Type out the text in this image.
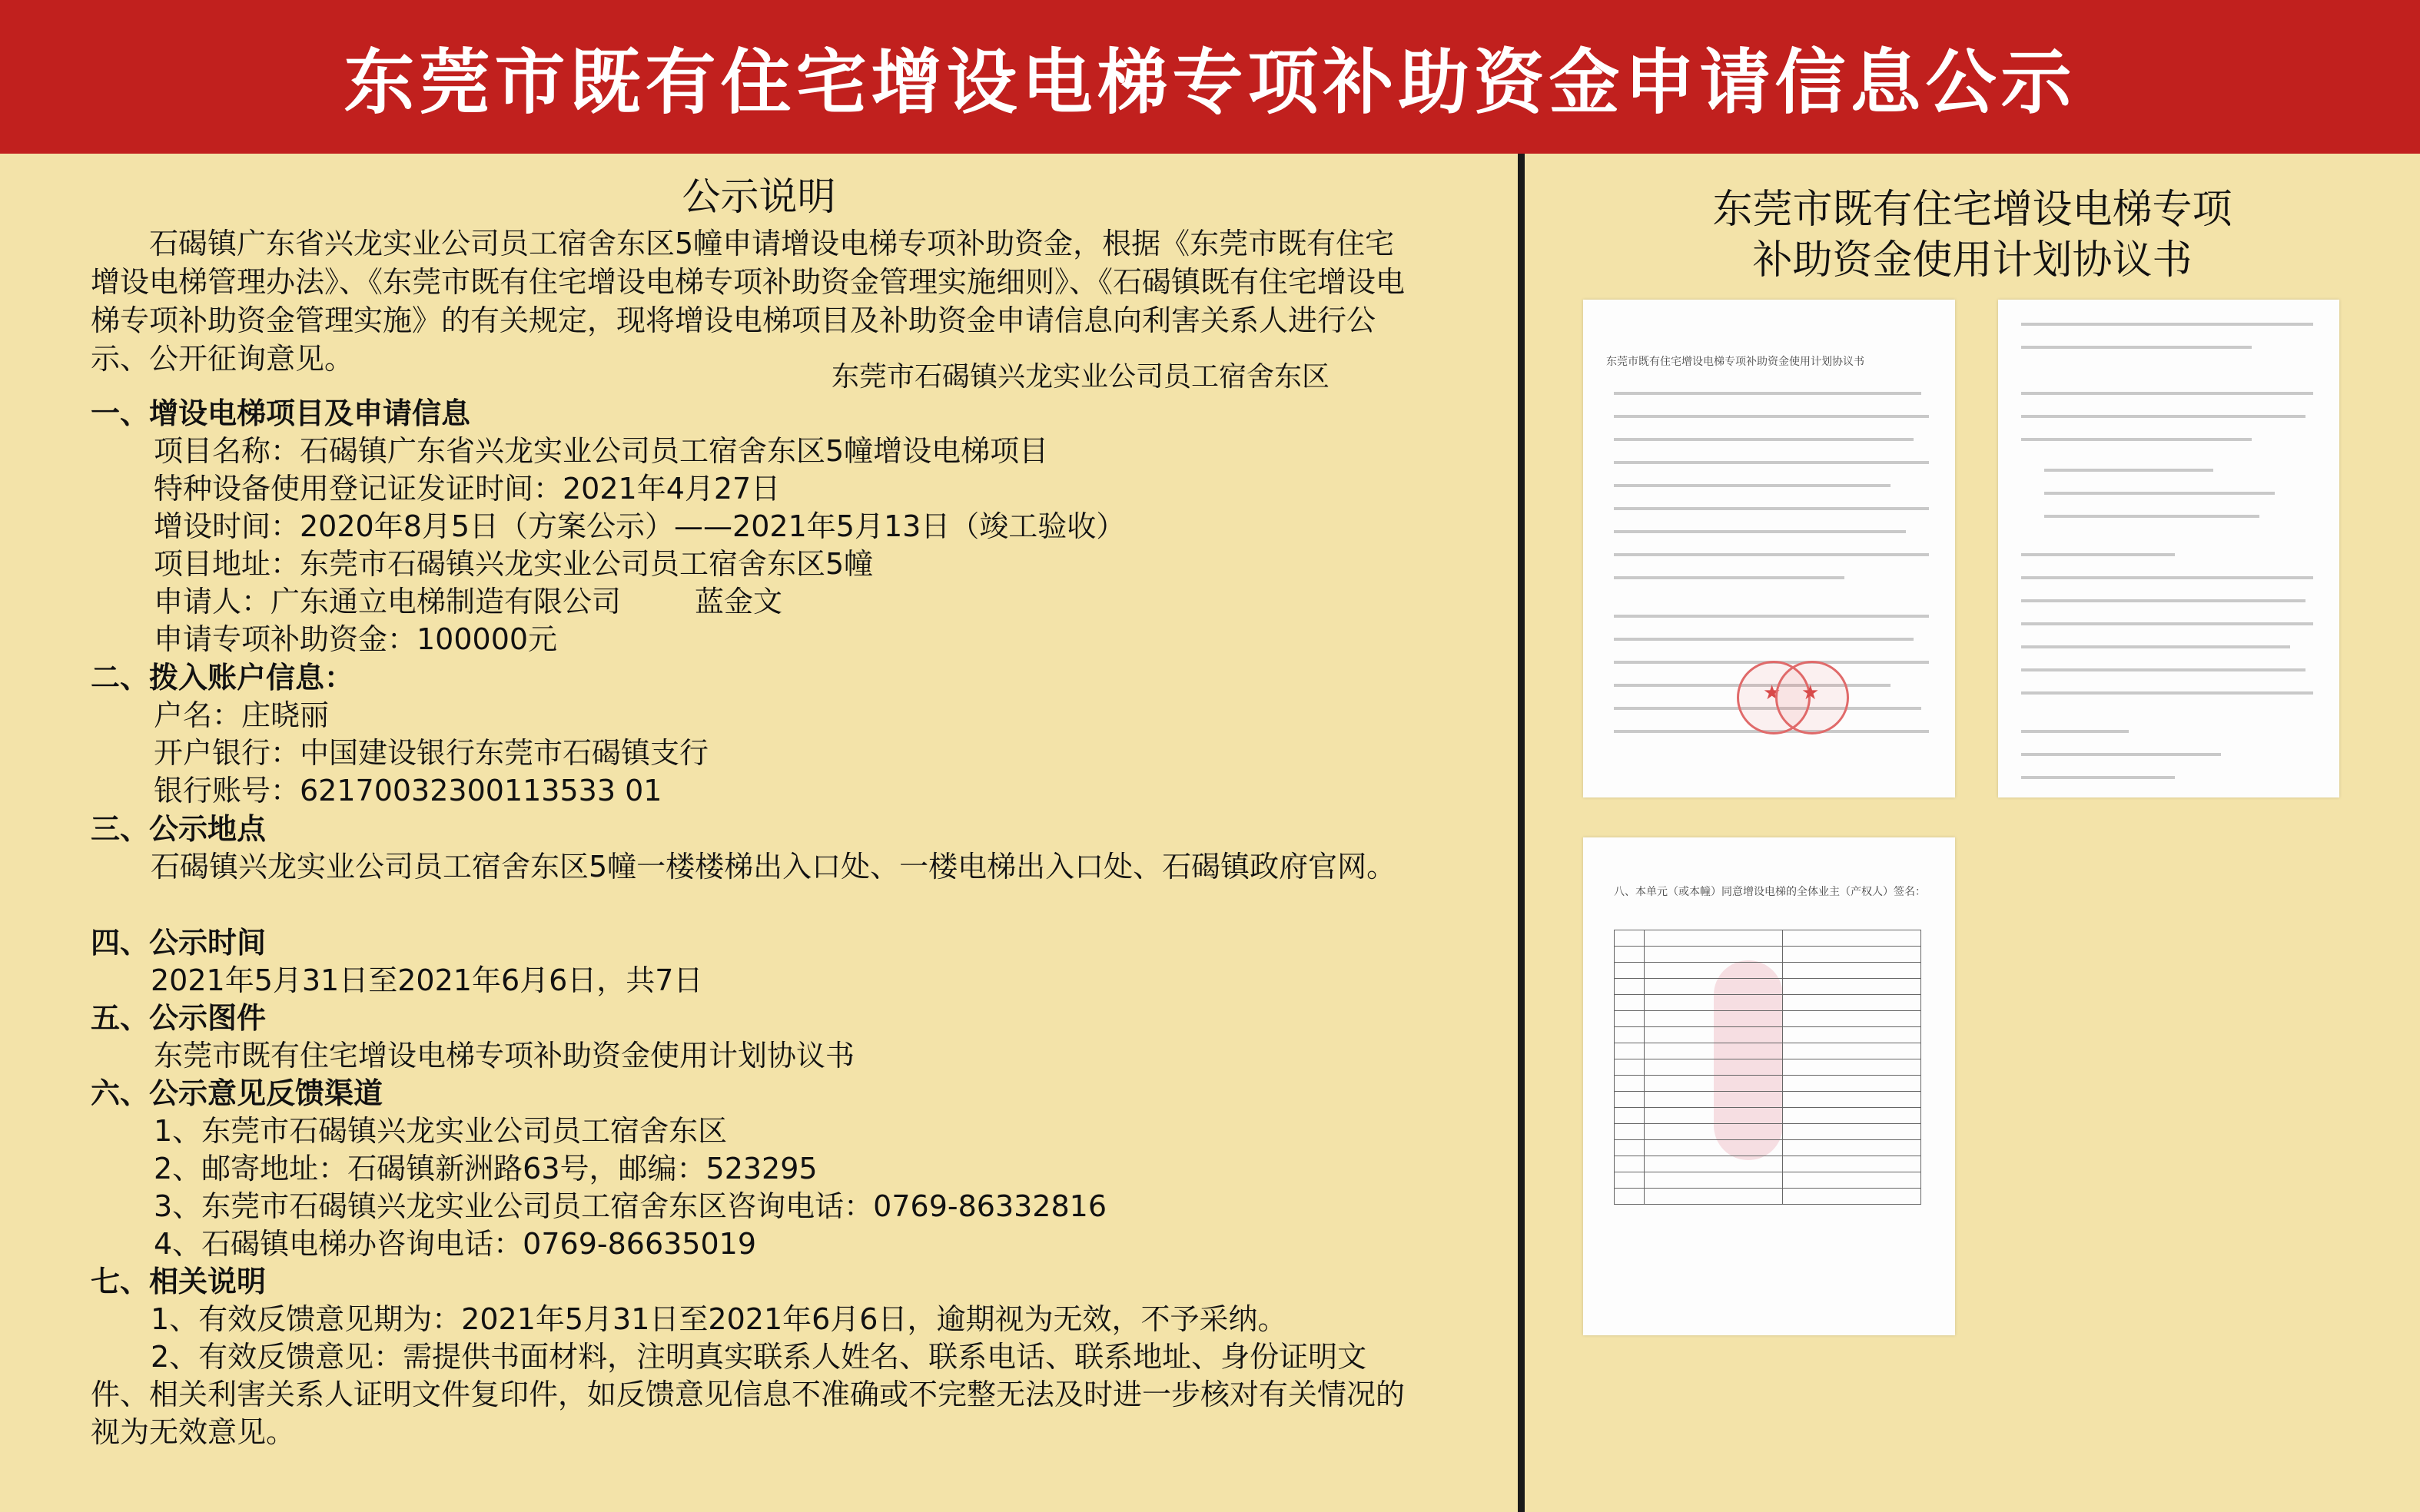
东莞市既有住宅增设电梯专项补助资金申请信息公示
公示说明
石碣镇广东省兴龙实业公司员工宿舍东区5幢申请增设电梯专项补助资金，根据《东莞市既有住宅增设电梯管理办法》、《东莞市既有住宅增设电梯专项补助资金管理实施细则》、《石碣镇既有住宅增设电梯专项补助资金管理实施》的有关规定，现将增设电梯项目及补助资金申请信息向利害关系人进行公示、公开征询意见。
东莞市石碣镇兴龙实业公司员工宿舍东区
一、增设电梯项目及申请信息
项目名称：石碣镇广东省兴龙实业公司员工宿舍东区5幢增设电梯项目
特种设备使用登记证发证时间：2021年4月27日
增设时间：2020年8月5日（方案公示）——2021年5月13日（竣工验收）
项目地址：东莞市石碣镇兴龙实业公司员工宿舍东区5幢
申请人：广东通立电梯制造有限公司	蓝金文
申请专项补助资金：100000元
二、拨入账户信息：
户名：庄晓丽
开户银行：中国建设银行东莞市石碣镇支行
银行账号：62170032300113533 01
三、公示地点
石碣镇兴龙实业公司员工宿舍东区5幢一楼楼梯出入口处、一楼电梯出入口处、石碣镇政府官网。
四、公示时间
2021年5月31日至2021年6月6日，共7日
五、公示图件
东莞市既有住宅增设电梯专项补助资金使用计划协议书
六、公示意见反馈渠道
1、东莞市石碣镇兴龙实业公司员工宿舍东区
2、邮寄地址：石碣镇新洲路63号，邮编：523295
3、东莞市石碣镇兴龙实业公司员工宿舍东区咨询电话：0769-86332816
4、石碣镇电梯办咨询电话：0769-86635019
七、相关说明
1、有效反馈意见期为：2021年5月31日至2021年6月6日，逾期视为无效，不予采纳。
2、有效反馈意见：需提供书面材料，注明真实联系人姓名、联系电话、联系地址、身份证明文件、相关利害关系人证明文件复印件，如反馈意见信息不准确或不完整无法及时进一步核对有关情况的视为无效意见。
东莞市既有住宅增设电梯专项
补助资金使用计划协议书
东莞市既有住宅增设电梯专项补助资金使用计划协议书
★ ★
八、本单元（或本幢）同意增设电梯的全体业主（产权人）签名：
